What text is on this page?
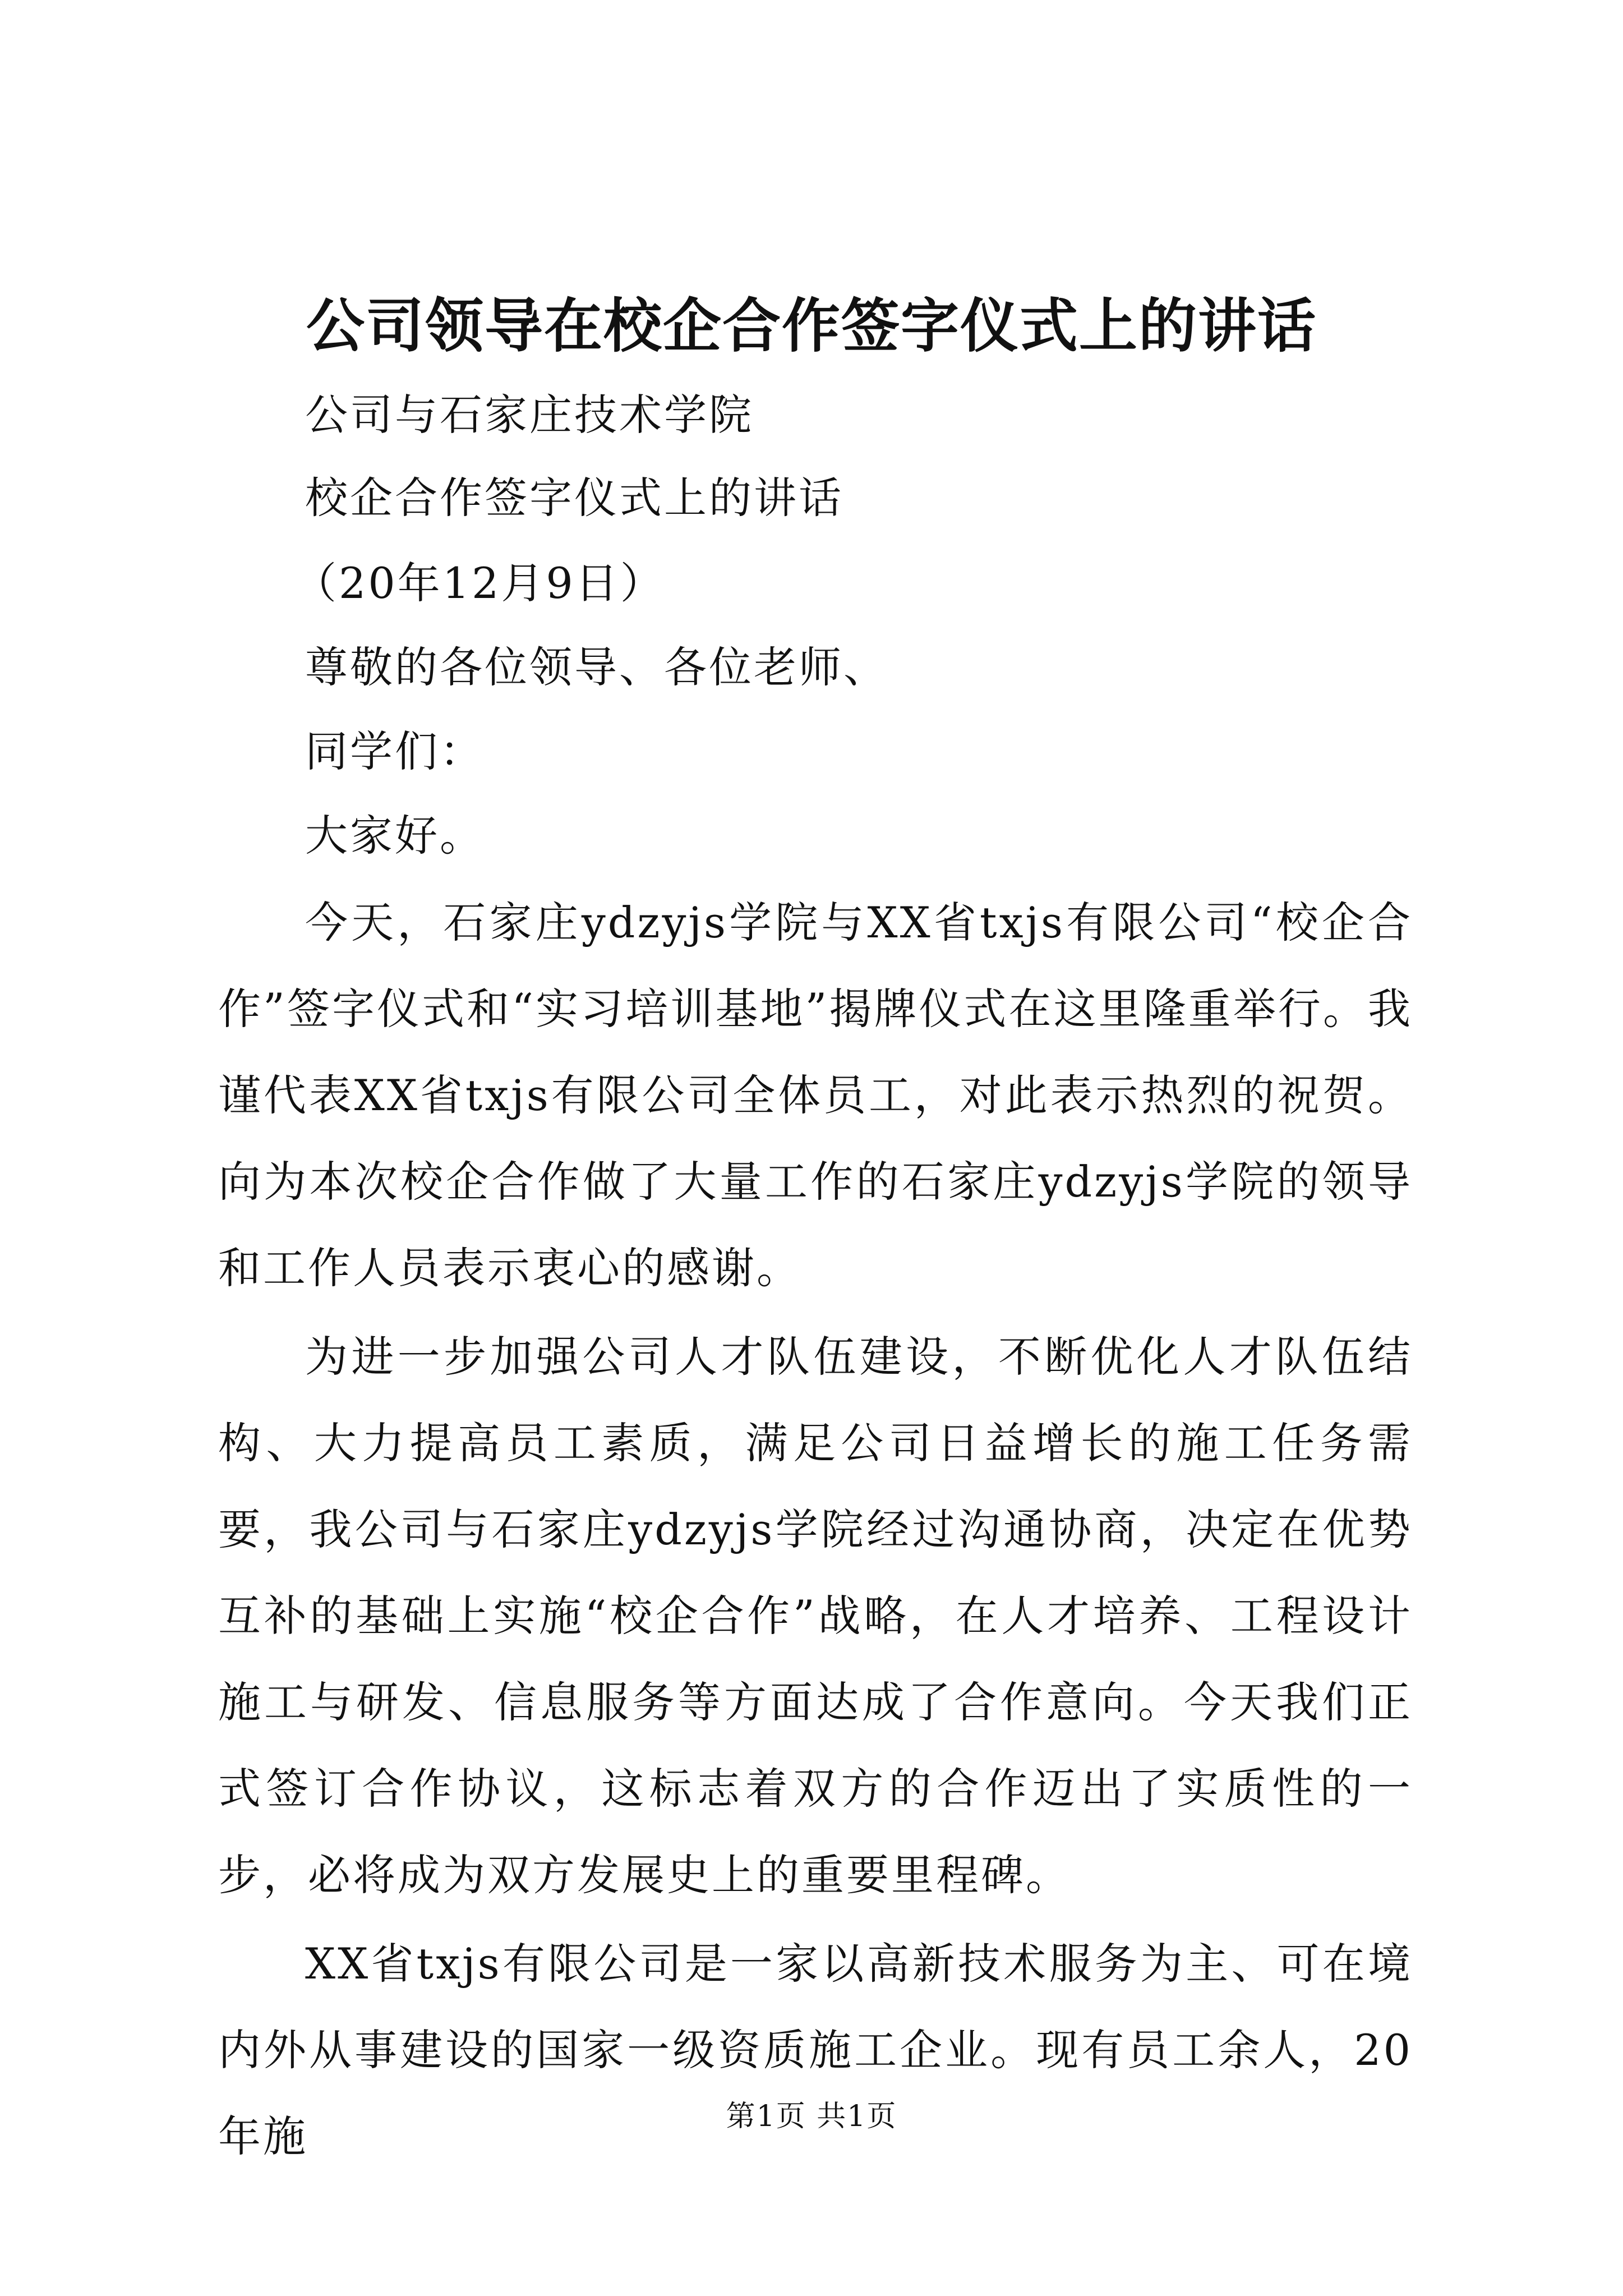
公司领导在校企合作签字仪式上的讲话

公司与石家庄技术学院

校企合作签字仪式上的讲话

（20年12月9日）

尊敬的各位领导、各位老师、

同学们：

大家好。

今天，石家庄ydzyjs学院与XX省txjs有限公司“校企合作”签字仪式和“实习培训基地”揭牌仪式在这里隆重举行。我谨代表XX省txjs有限公司全体员工，对此表示热烈的祝贺。向为本次校企合作做了大量工作的石家庄ydzyjs学院的领导和工作人员表示衷心的感谢。

为进一步加强公司人才队伍建设，不断优化人才队伍结构、大力提高员工素质，满足公司日益增长的施工任务需要，我公司与石家庄ydzyjs学院经过沟通协商，决定在优势互补的基础上实施“校企合作”战略，在人才培养、工程设计施工与研发、信息服务等方面达成了合作意向。今天我们正式签订合作协议，这标志着双方的合作迈出了实质性的一步，必将成为双方发展史上的重要里程碑。

XX省txjs有限公司是一家以高新技术服务为主、可在境内外从事建设的国家一级资质施工企业。现有员工余人，20年施	第1页 共1页
